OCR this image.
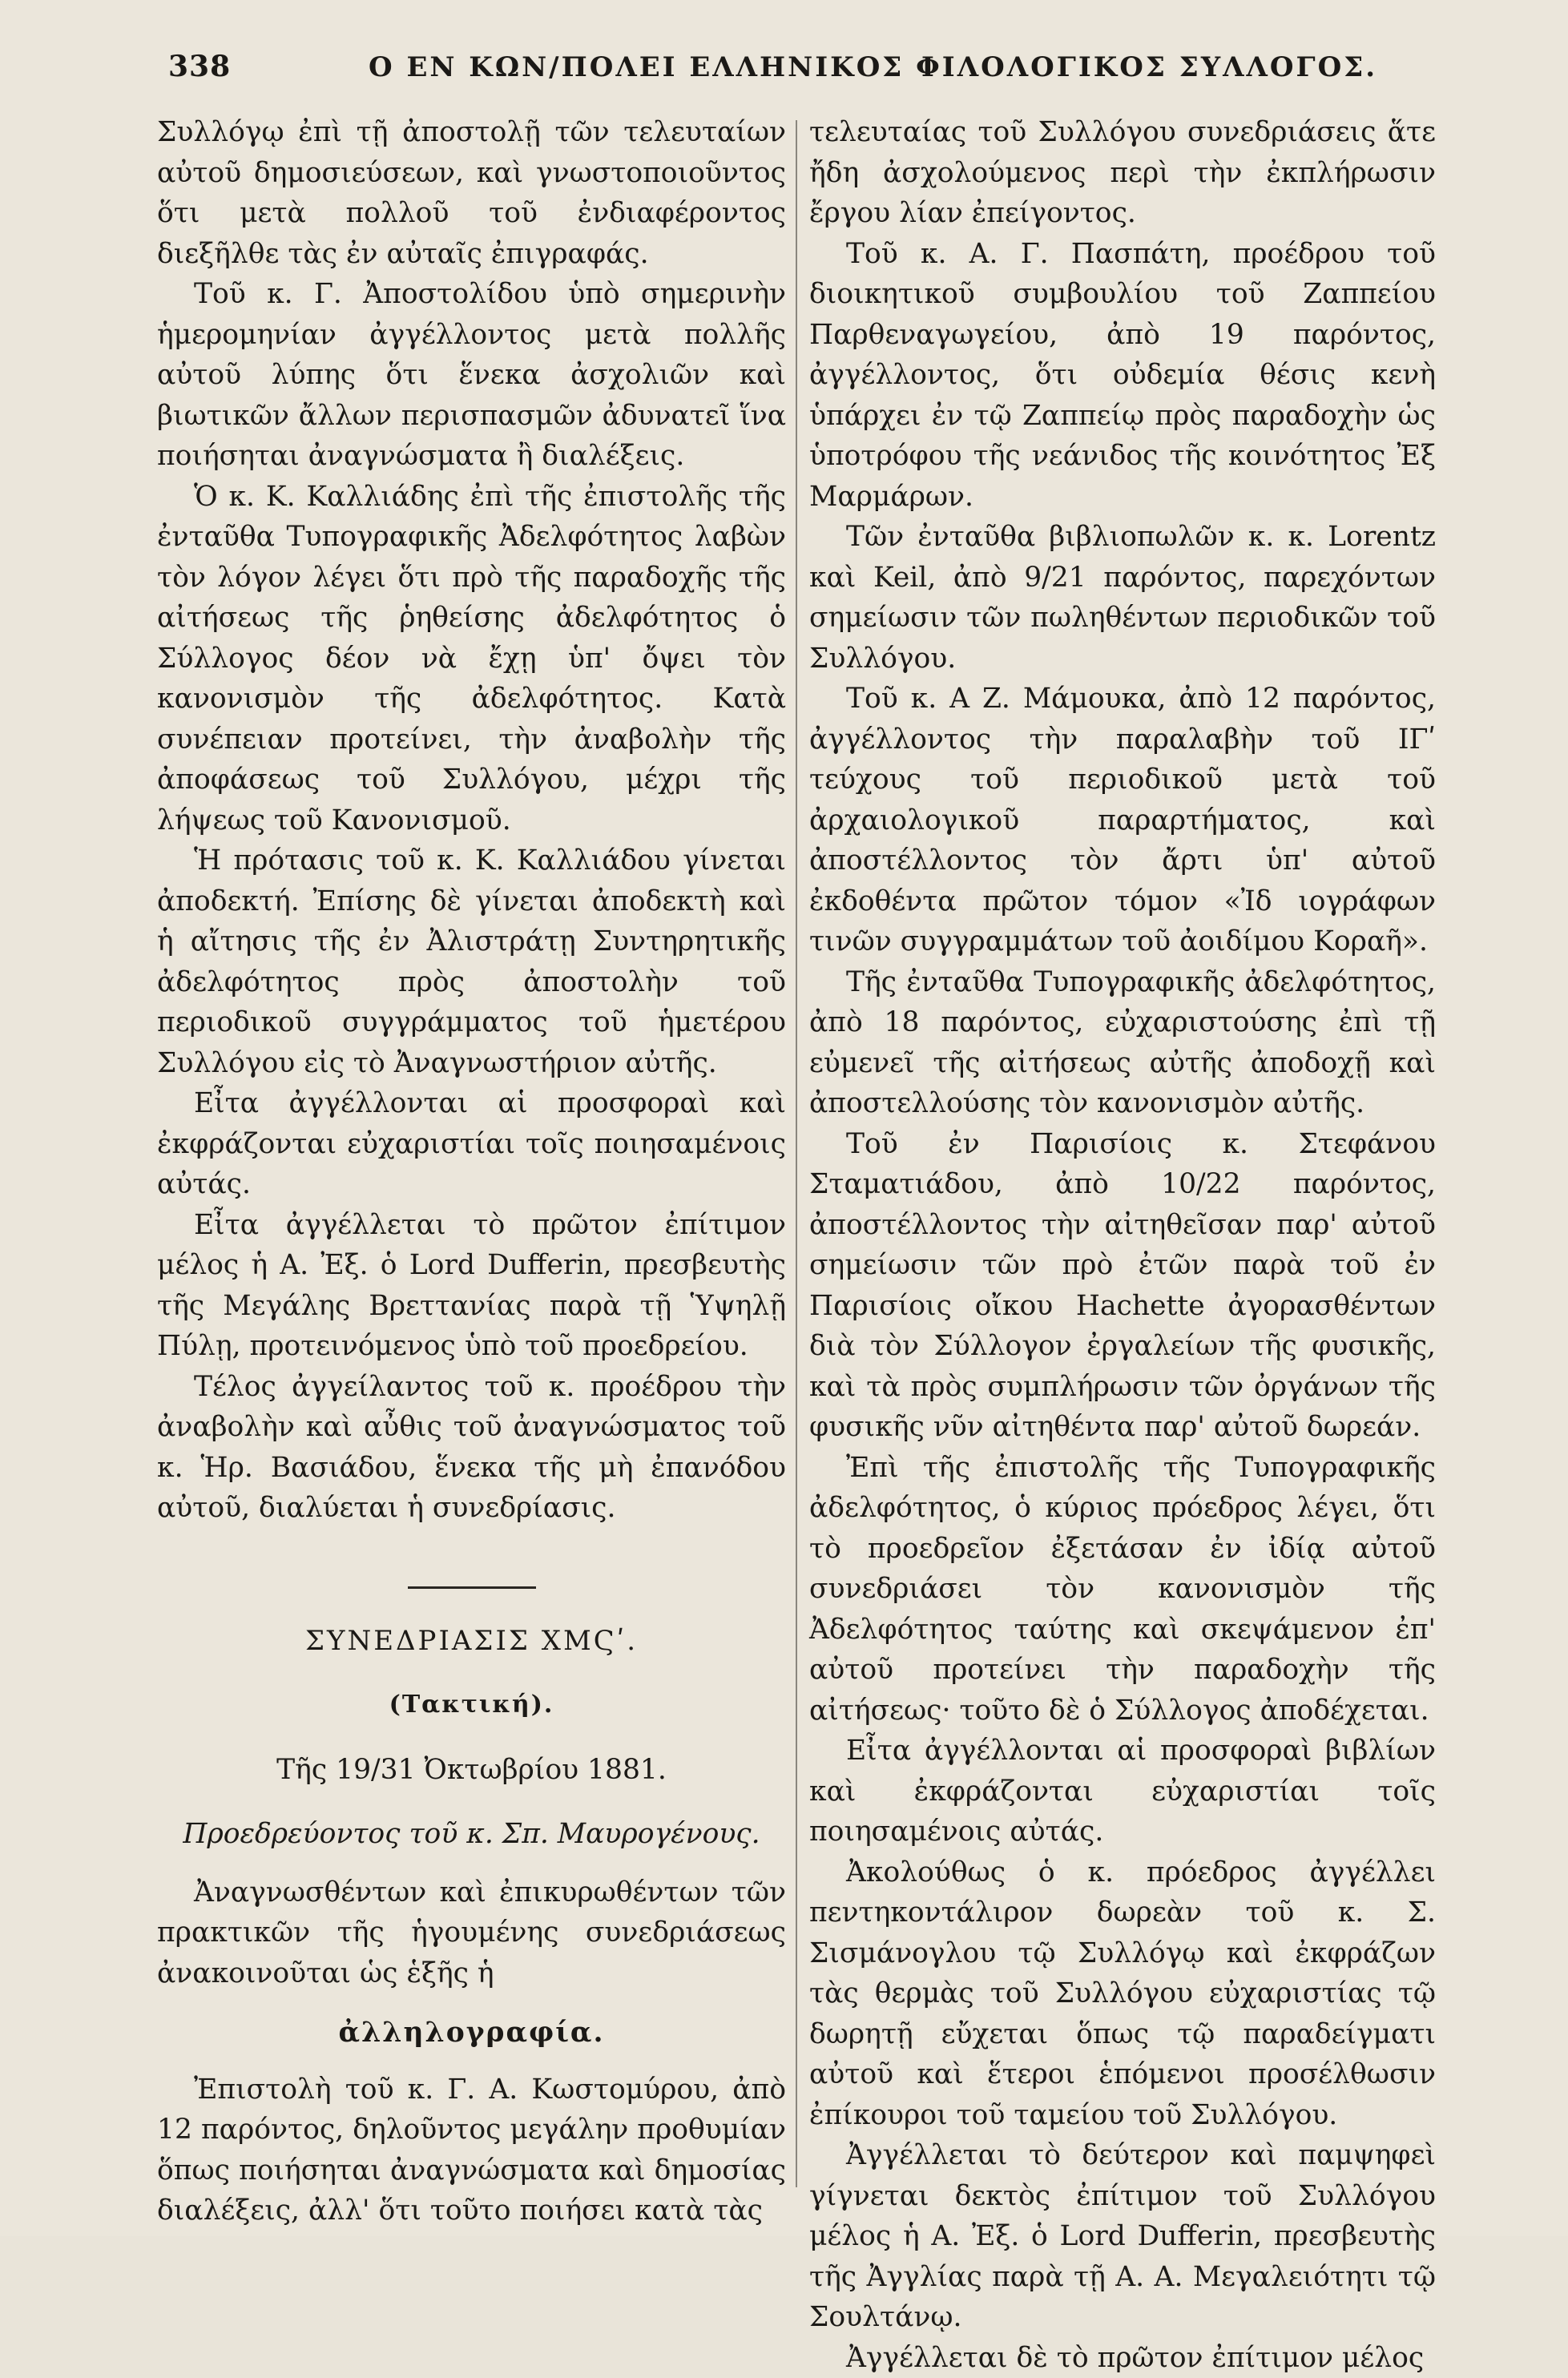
338	Ο ΕΝ ΚΩΝ/ΠΟΛΕΙ ΕΛΛΗΝΙΚΟΣ ΦΙΛΟΛΟΓΙΚΟΣ ΣΥΛΛΟΓΟΣ.

Συλλόγῳ ἐπὶ τῇ ἀποστολῇ τῶν τελευταίων αὐτοῦ δημοσιεύσεων, καὶ γνωστοποιοῦντος ὅτι μετὰ πολλοῦ τοῦ ἐνδιαφέροντος διεξῆλθε τὰς ἐν αὐταῖς ἐπιγραφάς.

Τοῦ κ. Γ. Ἀποστολίδου ὑπὸ σημερινὴν ἡμερομηνίαν ἀγγέλλοντος μετὰ πολλῆς αὐτοῦ λύπης ὅτι ἕνεκα ἀσχολιῶν καὶ βιωτικῶν ἄλλων περισπασμῶν ἀδυνατεῖ ἵνα ποιήσηται ἀναγνώσματα ἢ διαλέξεις.

Ὁ κ. Κ. Καλλιάδης ἐπὶ τῆς ἐπιστολῆς τῆς ἐνταῦθα Τυπογραφικῆς Ἀδελφότητος λαβὼν τὸν λόγον λέγει ὅτι πρὸ τῆς παραδοχῆς τῆς αἰτήσεως τῆς ῥηθείσης ἀδελφότητος ὁ Σύλλογος δέον νὰ ἔχῃ ὑπ' ὄψει τὸν κανονισμὸν τῆς ἀδελφότητος. Κατὰ συνέπειαν προτείνει, τὴν ἀναβολὴν τῆς ἀποφάσεως τοῦ Συλλόγου, μέχρι τῆς λήψεως τοῦ Κανονισμοῦ.

Ἡ πρότασις τοῦ κ. Κ. Καλλιάδου γίνεται ἀποδεκτή. Ἐπίσης δὲ γίνεται ἀποδεκτὴ καὶ ἡ αἴτησις τῆς ἐν Ἀλιστράτῃ Συντηρητικῆς ἀδελφότητος πρὸς ἀποστολὴν τοῦ περιοδικοῦ συγγράμματος τοῦ ἡμετέρου Συλλόγου εἰς τὸ Ἀναγνωστήριον αὐτῆς.

Εἶτα ἀγγέλλονται αἱ προσφοραὶ καὶ ἐκφράζονται εὐχαριστίαι τοῖς ποιησαμένοις αὐτάς.

Εἶτα ἀγγέλλεται τὸ πρῶτον ἐπίτιμον μέλος ἡ Α. Ἐξ. ὁ Lord Dufferin, πρεσβευτὴς τῆς Μεγάλης Βρεττανίας παρὰ τῇ Ὑψηλῇ Πύλῃ, προτεινόμενος ὑπὸ τοῦ προεδρείου.

Τέλος ἀγγείλαντος τοῦ κ. προέδρου τὴν ἀναβολὴν καὶ αὖθις τοῦ ἀναγνώσματος τοῦ κ. Ἡρ. Βασιάδου, ἕνεκα τῆς μὴ ἐπανόδου αὐτοῦ, διαλύεται ἡ συνεδρίασις.

ΣΥΝΕΔΡΙΑΣΙΣ ΧΜϚʹ.
(Τακτική).
Τῆς 19/31 Ὀκτωβρίου 1881.
Προεδρεύοντος τοῦ κ. Σπ. Μαυρογένους.

Ἀναγνωσθέντων καὶ ἐπικυρωθέντων τῶν πρακτικῶν τῆς ἡγουμένης συνεδριάσεως ἀνακοινοῦται ὡς ἑξῆς ἡ

ἀλληλογραφία.

Ἐπιστολὴ τοῦ κ. Γ. Α. Κωστομύρου, ἀπὸ 12 παρόντος, δηλοῦντος μεγάλην προθυμίαν ὅπως ποιήσηται ἀναγνώσματα καὶ δημοσίας διαλέξεις, ἀλλ' ὅτι τοῦτο ποιήσει κατὰ τὰς

τελευταίας τοῦ Συλλόγου συνεδριάσεις ἅτε ἤδη ἀσχολούμενος περὶ τὴν ἐκπλήρωσιν ἔργου λίαν ἐπείγοντος.

Τοῦ κ. Α. Γ. Πασπάτη, προέδρου τοῦ διοικητικοῦ συμβουλίου τοῦ Ζαππείου Παρθεναγωγείου, ἀπὸ 19 παρόντος, ἀγγέλλοντος, ὅτι οὐδεμία θέσις κενὴ ὑπάρχει ἐν τῷ Ζαππείῳ πρὸς παραδοχὴν ὡς ὑποτρόφου τῆς νεάνιδος τῆς κοινότητος Ἐξ Μαρμάρων.

Τῶν ἐνταῦθα βιβλιοπωλῶν κ. κ. Lorentz καὶ Keil, ἀπὸ 9/21 παρόντος, παρεχόντων σημείωσιν τῶν πωληθέντων περιοδικῶν τοῦ Συλλόγου.

Τοῦ κ. Α Ζ. Μάμουκα, ἀπὸ 12 παρόντος, ἀγγέλλοντος τὴν παραλαβὴν τοῦ ΙΓʹ τεύχους τοῦ περιοδικοῦ μετὰ τοῦ ἀρχαιολογικοῦ παραρτήματος, καὶ ἀποστέλλοντος τὸν ἄρτι ὑπ' αὐτοῦ ἐκδοθέντα πρῶτον τόμον «Ἰδ ιογράφων τινῶν συγγραμμάτων τοῦ ἀοιδίμου Κοραῆ».

Τῆς ἐνταῦθα Τυπογραφικῆς ἀδελφότητος, ἀπὸ 18 παρόντος, εὐχαριστούσης ἐπὶ τῇ εὐμενεῖ τῆς αἰτήσεως αὐτῆς ἀποδοχῇ καὶ ἀποστελλούσης τὸν κανονισμὸν αὐτῆς.

Τοῦ ἐν Παρισίοις κ. Στεφάνου Σταματιάδου, ἀπὸ 10/22 παρόντος, ἀποστέλλοντος τὴν αἰτηθεῖσαν παρ' αὐτοῦ σημείωσιν τῶν πρὸ ἐτῶν παρὰ τοῦ ἐν Παρισίοις οἴκου Hachette ἀγορασθέντων διὰ τὸν Σύλλογον ἐργαλείων τῆς φυσικῆς, καὶ τὰ πρὸς συμπλήρωσιν τῶν ὀργάνων τῆς φυσικῆς νῦν αἰτηθέντα παρ' αὐτοῦ δωρεάν.

Ἐπὶ τῆς ἐπιστολῆς τῆς Τυπογραφικῆς ἀδελφότητος, ὁ κύριος πρόεδρος λέγει, ὅτι τὸ προεδρεῖον ἐξετάσαν ἐν ἰδίᾳ αὐτοῦ συνεδριάσει τὸν κανονισμὸν τῆς Ἀδελφότητος ταύτης καὶ σκεψάμενον ἐπ' αὐτοῦ προτείνει τὴν παραδοχὴν τῆς αἰτήσεως· τοῦτο δὲ ὁ Σύλλογος ἀποδέχεται.

Εἶτα ἀγγέλλονται αἱ προσφοραὶ βιβλίων καὶ ἐκφράζονται εὐχαριστίαι τοῖς ποιησαμένοις αὐτάς.

Ἀκολούθως ὁ κ. πρόεδρος ἀγγέλλει πεντηκοντάλιρον δωρεὰν τοῦ κ. Σ. Σισμάνογλου τῷ Συλλόγῳ καὶ ἐκφράζων τὰς θερμὰς τοῦ Συλλόγου εὐχαριστίας τῷ δωρητῇ εὔχεται ὅπως τῷ παραδείγματι αὐτοῦ καὶ ἕτεροι ἑπόμενοι προσέλθωσιν ἐπίκουροι τοῦ ταμείου τοῦ Συλλόγου.

Ἀγγέλλεται τὸ δεύτερον καὶ παμψηφεὶ γίγνεται δεκτὸς ἐπίτιμον τοῦ Συλλόγου μέλος ἡ Α. Ἐξ. ὁ Lord Dufferin, πρεσβευτὴς τῆς Ἀγγλίας παρὰ τῇ Α. Α. Μεγαλειότητι τῷ Σουλτάνῳ.

Ἀγγέλλεται δὲ τὸ πρῶτον ἐπίτιμον μέλος
